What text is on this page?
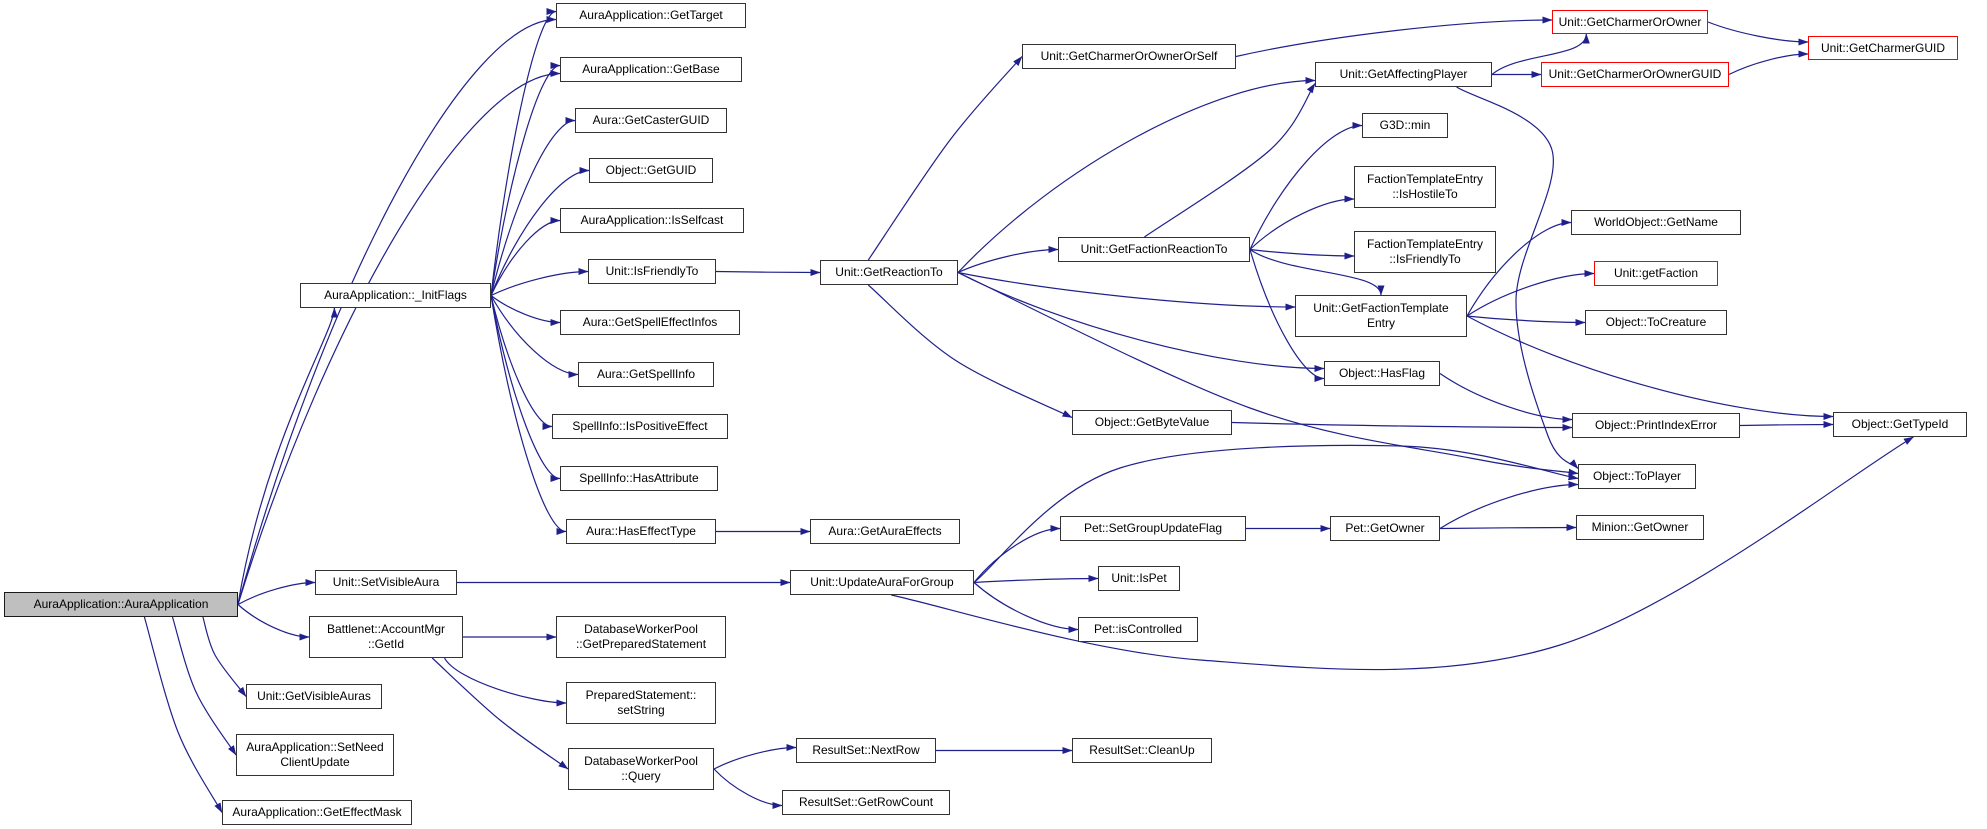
AuraApplication::AuraApplication
AuraApplication::_InitFlags
AuraApplication::GetTarget
AuraApplication::GetBase
Aura::GetCasterGUID
Object::GetGUID
AuraApplication::IsSelfcast
Unit::IsFriendlyTo
Aura::GetSpellEffectInfos
Aura::GetSpellInfo
SpellInfo::IsPositiveEffect
SpellInfo::HasAttribute
Aura::HasEffectType	Aura::GetAuraEffects
Unit::GetReactionTo
Unit::SetVisibleAura	Unit::UpdateAuraForGroup
Battlenet::AccountMgr
::GetId
Unit::GetVisibleAuras
AuraApplication::SetNeed
ClientUpdate
AuraApplication::GetEffectMask
DatabaseWorkerPool
::GetPreparedStatement
PreparedStatement::
setString
DatabaseWorkerPool
::Query
ResultSet::NextRow
ResultSet::GetRowCount
ResultSet::CleanUp
Unit::GetCharmerOrOwnerOrSelf
Unit::GetFactionReactionTo
Object::GetByteValue
Pet::SetGroupUpdateFlag
Unit::IsPet
Pet::isControlled
Unit::GetAffectingPlayer
G3D::min
FactionTemplateEntry
::IsHostileTo
FactionTemplateEntry
::IsFriendlyTo
Unit::GetFactionTemplate
Entry
Object::HasFlag
Pet::GetOwner
Unit::GetCharmerOrOwner
Unit::GetCharmerOrOwnerGUID
WorldObject::GetName
Unit::getFaction
Object::ToCreature
Object::PrintIndexError
Object::ToPlayer
Minion::GetOwner
Unit::GetCharmerGUID
Object::GetTypeId
